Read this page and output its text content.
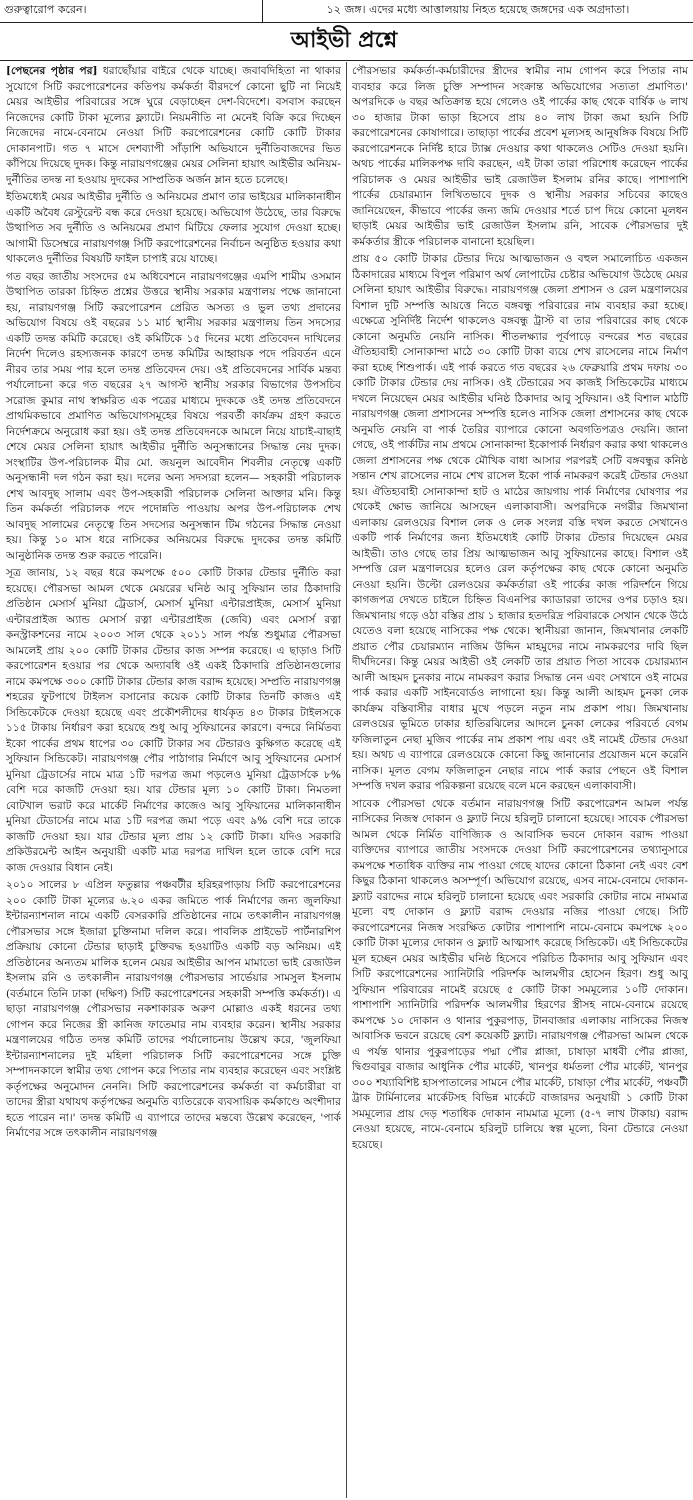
গুরুত্বারোপ করেন।	১২ জঙ্গ। এদের মধ্যে আত্তালয়ায় নিহত হয়েছে জঙ্গদের এক অগ্রদাতা।
আইভী প্রশ্নে

[পেছনের পৃষ্ঠার পর] ধরাছোঁয়ার বাইরে থেকে যাচ্ছে। জবাবদিহিতা না থাকার সুযোগে সিটি করপোরেশনের কতিপয় কর্মকর্তা বীরদর্পে কোনো ছুটি না নিয়েই মেয়র আইভীর পরিবারের সঙ্গে ঘুরে বেড়াচ্ছেন দেশ-বিদেশে। বসবাস করছেন নিজেদের কোটি টাকা মূল্যের ফ্ল্যাটে। নিয়মনীতি না মেনেই বিক্রি করে দিচ্ছেন নিজেদের নামে-বেনামে নেওয়া সিটি করপোরেশনের কোটি কোটি টাকার দোকানপাট। গত ৭ মাসে দেশব্যাপী সাঁড়াশি অভিযানে দুর্নীতিবাজদের ভিত কাঁপিয়ে দিয়েছে দুদক। কিন্তু নারায়ণগঞ্জের মেয়র সেলিনা হায়াৎ আইভীর অনিয়ম-দুর্নীতির তদন্ত না হওয়ায় দুদকের সাম্প্রতিক অর্জন ম্লান হতে চলেছে।

ইতিমধ্যেই মেয়র আইভীর দুর্নীতি ও অনিয়মের প্রমাণ তার ভাইয়ের মালিকানাধীন একটি অবৈধ রেস্টুরেন্ট বন্ধ করে দেওয়া হয়েছে। অভিযোগ উঠেছে, তার বিরুদ্ধে উত্থাপিত সব দুর্নীতি ও অনিয়মের প্রমাণ মিটিয়ে ফেলার সুযোগ দেওয়া হচ্ছে। আগামী ডিসেম্বরে নারায়ণগঞ্জ সিটি করপোরেশনের নির্বাচন অনুষ্ঠিত হওয়ার কথা থাকলেও দুর্নীতির বিষয়টি ফাইল চাপাই রয়ে যাচ্ছে।

গত বছর জাতীয় সংসদের ৫ম অধিবেশনে নারায়ণগঞ্জের এমপি শামীম ওসমান উত্থাপিত তারকা চিহ্নিত প্রশ্নের উত্তরে স্থানীয় সরকার মন্ত্রণালয় পক্ষে জানানো হয়, নারায়ণগঞ্জ সিটি করপোরেশন প্রেরিত অসত্য ও ভুল তথ্য প্রদানের অভিযোগ বিষয়ে ওই বছরের ১১ মার্চ স্থানীয় সরকার মন্ত্রণালয় তিন সদস্যের একটি তদন্ত কমিটি করেছে। ওই কমিটিকে ১৫ দিনের মধ্যে প্রতিবেদন দাখিলের নির্দেশ দিলেও রহস্যজনক কারণে তদন্ত কমিটির আহ্বায়ক পদে পরিবর্তন এনে নীরব তার সময় পার হলে তদন্ত প্রতিবেদন দেয়। ওই প্রতিবেদনের সার্বিক মন্তব্য পর্যালোচনা করে গত বছরের ২৭ আগস্ট স্থানীয় সরকার বিভাগের উপসচিব সরোজ কুমার নাথ স্বাক্ষরিত এক পত্রের মাধ্যমে দুদককে ওই তদন্ত প্রতিবেদনে প্রাথমিকভাবে প্রমাণিত অভিযোগসমূহের বিষয়ে পরবর্তী কার্যক্রম গ্রহণ করতে নির্দেশক্রমে অনুরোধ করা হয়। ওই তদন্ত প্রতিবেদনকে আমলে নিয়ে যাচাই-বাছাই শেষে মেয়র সেলিনা হায়াৎ আইভীর দুর্নীতি অনুসন্ধানের সিদ্ধান্ত নেয় দুদক। সংস্থাটির উপ-পরিচালক মীর মো. জয়নুল আবেদীন শিবলীর নেতৃত্বে একটি অনুসন্ধানী দল গঠন করা হয়। দলের অন্য সদস্যরা হলেন— সহকারী পরিচালক শেখ আবদুছ সালাম এবং উপ-সহকারী পরিচালক সেলিনা আক্তার মনি। কিন্তু তিন কর্মকর্তা পরিচালক পদে পদোন্নতি পাওয়ায় অপর উপ-পরিচালক শেখ আবদুছ সালামের নেতৃত্বে তিন সদস্যের অনুসন্ধান টিম গঠনের সিদ্ধান্ত নেওয়া হয়। কিন্তু ১০ মাস ধরে নাসিকের অনিয়মের বিরুদ্ধে দুদকের তদন্ত কমিটি আনুষ্ঠানিক তদন্ত শুরু করতে পারেনি।

সূত্র জানায়, ১২ বছর ধরে কমপক্ষে ৫০০ কোটি টাকার টেন্ডার দুর্নীতি করা হয়েছে। পৌরসভা আমল থেকে মেয়রের ঘনিষ্ঠ আবু সুফিয়ান তার ঠিকাদারি প্রতিষ্ঠান মেসার্স মুনিয়া ট্রেডার্স, মেসার্স মুনিয়া এন্টারপ্রাইজ, মেসার্স মুনিয়া এন্টারপ্রাইজ অ্যান্ড মেসার্স রত্না এন্টারপ্রাইজ (জেবি) এবং মেসার্স রত্না কনস্ট্রাকশনের নামে ২০০৩ সাল থেকে ২০১১ সাল পর্যন্ত শুধুমাত্র পৌরসভা আমলেই প্রায় ২০০ কোটি টাকার টেন্ডার কাজ সম্পন্ন করেছে। এ ছাড়াও সিটি করপোরেশন হওয়ার পর থেকে অদ্যাবধি ওই একই ঠিকাদারি প্রতিষ্ঠানগুলোর নামে কমপক্ষে ৩০০ কোটি টাকার টেন্ডার কাজ বরাদ্দ হয়েছে। সম্প্রতি নারায়ণগঞ্জ শহরের ফুটপাথে টাইলস বসানোর কয়েক কোটি টাকার তিনটি কাজও এই সিন্ডিকেটকে দেওয়া হয়েছে এবং প্রকৌশলীদের ধার্যকৃত ৪৩ টাকার টাইলসকে ১১৫ টাকায় নির্ধারণ করা হয়েছে শুধু আবু সুফিয়ানের কারণে। বন্দরে নির্মিতব্য ইকো পার্কের প্রথম ধাপের ৩০ কোটি টাকার সব টেন্ডারও কুক্ষিগত করেছে এই সুফিয়ান সিন্ডিকেট। নারায়ণগঞ্জ পৌর পাঠাগার নির্মাণে আবু সুফিয়ানের মেসার্স মুনিয়া ট্রেডার্সের নামে মাত্র ১টি দরপত্র জমা পড়লেও মুনিয়া ট্রেডার্সকে ৮% বেশি দরে কাজটি দেওয়া হয়। যার টেন্ডার মূল্য ১০ কোটি টাকা। নিমতলা বোটখাল ভরাট করে মার্কেট নির্মাণের কাজেও আবু সুফিয়ানের মালিকানাধীন মুনিয়া টেডার্সের নামে মাত্র ১টি দরপত্র জমা পড়ে এবং ৯% বেশি দরে তাকে কাজটি দেওয়া হয়। যার টেন্ডার মূল্য প্রায় ১২ কোটি টাকা। যদিও সরকারি প্রকিউরমেন্ট আইন অনুযায়ী একটি মাত্র দরপত্র দাখিল হলে তাকে বেশি দরে কাজ দেওয়ার বিধান নেই।

২০১০ সালের ৮ এপ্রিল ফতুল্লার পঞ্চবটীর হরিহরপাড়ায় সিটি করপোরেশনের ২০০ কোটি টাকা মূল্যের ৬.২০ একর জমিতে পার্ক নির্মাণের জন্য জুলফিয়া ইন্টারন্যাশনাল নামে একটি বেসরকারি প্রতিষ্ঠানের নামে তৎকালীন নারায়ণগঞ্জ পৌরসভার সঙ্গে ইজারা চুক্তিনামা দলিল করে। পাবলিক প্রাইভেট পার্টনারশিপ প্রক্রিয়ায় কোনো টেন্ডার ছাড়াই চুক্তিবদ্ধ হওয়াটিও একটি বড় অনিয়ম। এই প্রতিষ্ঠানের অন্যতম মালিক হলেন মেয়র আইভীর আপন মামাতো ভাই রেজাউল ইসলাম রনি ও তৎকালীন নারায়ণগঞ্জ পৌরসভার সার্ভেয়ার সামসুল ইসলাম (বর্তমানে তিনি ঢাকা (দক্ষিণ) সিটি করপোরেশনের সহকারী সম্পত্তি কর্মকর্তা)। এ ছাড়া নারায়ণগঞ্জ পৌরসভার নকশাকারক অরুণ মোল্লাও একই ধরনের তথ্য গোপন করে নিজের স্ত্রী কানিজ ফাতেমার নাম ব্যবহার করেন। স্থানীয় সরকার মন্ত্রণালয়ের গঠিত তদন্ত কমিটি তাদের পর্যালোচনায় উল্লেখ করে, 'জুলফিয়া ইন্টারন্যাশনালের দুই মহিলা পরিচালক সিটি করপোরেশনের সঙ্গে চুক্তি সম্পাদনকালে স্বামীর তথ্য গোপন করে পিতার নাম ব্যবহার করেছেন এবং সংশ্লিষ্ট কর্তৃপক্ষের অনুমোদন নেননি। সিটি করপোরেশনের কর্মকর্তা বা কর্মচারীরা বা তাদের স্ত্রীরা যথাযথ কর্তৃপক্ষের অনুমতি ব্যতিরেকে ব্যবসায়িক কর্মকাণ্ডে অংশীদার হতে পারেন না।' তদন্ত কমিটি এ ব্যাপারে তাদের মন্তব্যে উল্লেখ করেছেন, 'পার্ক নির্মাণের সঙ্গে তৎকালীন নারায়ণগঞ্জ

পৌরসভার কর্মকর্তা-কর্মচারীদের স্ত্রীদের স্বামীর নাম গোপন করে পিতার নাম ব্যবহার করে লিজ চুক্তি সম্পাদন সংক্রান্ত অভিযোগের সত্যতা প্রমাণিত।' অপরদিকে ৬ বছর অতিক্রান্ত হয়ে গেলেও ওই পার্কের কাছ থেকে বার্ষিক ৬ লাখ ৩০ হাজার টাকা ভাড়া হিসেবে প্রায় ৪০ লাখ টাকা জমা হয়নি সিটি করপোরেশনের কোষাগারে। তাছাড়া পার্কের প্রবেশ মূল্যসহ আনুষঙ্গিক বিষয়ে সিটি করপোরেশনকে নির্দিষ্ট হারে ট্যাক্স দেওয়ার কথা থাকলেও সেটিও দেওয়া হয়নি। অথচ পার্কের মালিকপক্ষ দাবি করছেন, এই টাকা তারা পরিশোধ করেছেন পার্কের পরিচালক ও মেয়র আইভীর ভাই রেজাউল ইসলাম রনির কাছে। পাশাপাশি পার্কের চেয়ারম্যান লিখিতভাবে দুদক ও স্থানীয় সরকার সচিবের কাছেও জানিয়েছেন, কীভাবে পার্কের জন্য জমি দেওয়ার শর্তে চাপ দিয়ে কোনো মূলধন ছাড়াই মেয়র আইভীর ভাই রেজাউল ইসলাম রনি, সাবেক পৌরসভার দুই কর্মকর্তার স্ত্রীকে পরিচালক বানানো হয়েছিল।

প্রায় ৫০ কোটি টাকার টেন্ডার দিয়ে আত্মভাজন ও বহুল সমালোচিত একজন ঠিকাদারের মাধ্যমে বিপুল পরিমাণ অর্থ লোপাটের চেষ্টার অভিযোগ উঠেছে মেয়র সেলিনা হায়াৎ আইভীর বিরুদ্ধে। নারায়ণগঞ্জ জেলা প্রশাসন ও রেল মন্ত্রণালয়ের বিশাল দুটি সম্পত্তি আয়ত্তে নিতে বঙ্গবন্ধু পরিবারের নাম ব্যবহার করা হচ্ছে। এক্ষেত্রে সুনির্দিষ্ট নির্দেশ থাকলেও বঙ্গবন্ধু ট্রাস্ট বা তার পরিবারের কাছ থেকে কোনো অনুমতি নেয়নি নাসিক। শীতলক্ষ্যার পূর্বপাড়ে বন্দরের শত বছরের ঐতিহ্যবাহী সোনাকান্দা মাঠে ৩০ কোটি টাকা ব্যয়ে শেখ রাসেলের নামে নির্মাণ করা হচ্ছে শিশুপার্ক। এই পার্ক করতে গত বছরের ২৬ ফেব্রুয়ারি প্রথম দফায় ৩০ কোটি টাকার টেন্ডার দেয় নাসিক। ওই টেন্ডারের সব কাজই সিন্ডিকেটের মাধ্যমে দখলে নিয়েছেন মেয়র আইভীর ঘনিষ্ঠ ঠিকাদার আবু সুফিয়ান। ওই বিশাল মাঠটি নারায়ণগঞ্জ জেলা প্রশাসনের সম্পত্তি হলেও নাসিক জেলা প্রশাসনের কাছ থেকে অনুমতি নেয়নি বা পার্ক তৈরির ব্যাপারে কোনো অবগতিপত্রও দেয়নি। জানা গেছে, ওই পার্কটির নাম প্রথমে সোনাকান্দা ইকোপার্ক নির্ধারণ করার কথা থাকলেও জেলা প্রশাসনের পক্ষ থেকে মৌখিক বাধা আসার পরপরই সেটি বঙ্গবন্ধুর কনিষ্ঠ সন্তান শেখ রাসেলের নামে শেখ রাসেল ইকো পার্ক নামকরণ করেই টেন্ডার দেওয়া হয়। ঐতিহ্যবাহী সোনাকান্দা হাট ও মাঠের জায়গায় পার্ক নির্মাণের ঘোষণার পর থেকেই ক্ষোভ জানিয়ে আসছেন এলাকাবাসী। অপরদিকে নগরীর জিমখানা এলাকায় রেলওয়ের বিশাল লেক ও লেক সংলগ্ন বস্তি দখল করতে সেখানেও একটি পার্ক নির্মাণের জন্য ইতিমধ্যেই কোটি টাকার টেন্ডার দিয়েছেন মেয়র আইভী। তাও গেছে তার প্রিয় আত্মভাজন আবু সুফিয়ানের কাছে। বিশাল ওই সম্পত্তি রেল মন্ত্রণালয়ের হলেও রেল কর্তৃপক্ষের কাছ থেকে কোনো অনুমতি নেওয়া হয়নি। উল্টো রেলওয়ের কর্মকর্তারা ওই পার্কের কাজ পরিদর্শনে গিয়ে কাগজপত্র দেখতে চাইলে চিহ্নিত বিএনপির ক্যাডাররা তাদের ওপর চড়াও হয়। জিমখানায় গড়ে ওঠা বস্তির প্রায় ১ হাজার হতদরিদ্র পরিবারকে সেখান থেকে উঠে যেতেও বলা হয়েছে নাসিকের পক্ষ থেকে। স্থানীয়রা জানান, জিমখানার লেকটি প্রয়াত পৌর চেয়ারম্যান নাজিম উদ্দিন মাহমুদের নামে নামকরণের দাবি ছিল দীর্ঘদিনের। কিন্তু মেয়র আইভী ওই লেকটি তার প্রয়াত পিতা সাবেক চেয়ারম্যান আলী আহমদ চুনকার নামে নামকরণ করার সিদ্ধান্ত নেন এবং সেখানে ওই নামের পার্ক করার একটি সাইনবোর্ডও লাগানো হয়। কিন্তু আলী আহমদ চুনকা লেক কার্যক্রম বস্তিবাসীর বাধার মুখে পড়লে নতুন নাম প্রকাশ পায়। জিমখানায় রেলওয়ের ভূমিতে ঢাকার হাতিরঝিলের আদলে চুনকা লেকের পরিবর্তে বেগম ফজিলাতুন নেছা মুজিব পার্কের নাম প্রকাশ পায় এবং ওই নামেই টেন্ডার দেওয়া হয়। অথচ এ ব্যাপারে রেলওয়েকে কোনো কিছু জানানোর প্রয়োজন মনে করেনি নাসিক। মূলত বেগম ফজিলাতুন নেছার নামে পার্ক করার পেছনে ওই বিশাল সম্পত্তি দখল করার পরিকল্পনা রয়েছে বলে মনে করছেন এলাকাবাসী।

সাবেক পৌরসভা থেকে বর্তমান নারায়ণগঞ্জ সিটি করপোরেশন আমল পর্যন্ত নাসিকের নিজস্ব দোকান ও ফ্ল্যাট নিয়ে হরিলুট চালানো হয়েছে। সাবেক পৌরসভা আমল থেকে নির্মিত বাণিজ্যিক ও আবাসিক ভবনে দোকান বরাদ্দ পাওয়া ব্যক্তিদের ব্যাপারে জাতীয় সংসদকে দেওয়া সিটি করপোরেশনের তথ্যানুসারে কমপক্ষে শতাধিক ব্যক্তির নাম পাওয়া গেছে যাদের কোনো ঠিকানা নেই এবং বেশ কিছুর ঠিকানা থাকলেও অসম্পূর্ণ। অভিযোগ রয়েছে, এসব নামে-বেনামে দোকান-ফ্ল্যাট বরাদ্দের নামে হরিলুট চালানো হয়েছে এবং সরকারি কোটার নামে নামমাত্র মূল্যে বহু দোকান ও ফ্ল্যাট বরাদ্দ দেওয়ার নজির পাওয়া গেছে। সিটি করপোরেশনের নিজস্ব সংরক্ষিত কোটার পাশাপাশি নামে-বেনামে কমপক্ষে ২০০ কোটি টাকা মূল্যের দোকান ও ফ্ল্যাট আত্মসাৎ করেছে সিন্ডিকেট। এই সিন্ডিকেটের মূল হচ্ছেন মেয়র আইভীর ঘনিষ্ঠ হিসেবে পরিচিত ঠিকাদার আবু সুফিয়ান এবং সিটি করপোরেশনের স্যানিটারি পরিদর্শক আলমগীর হোসেন হিরণ। শুধু আবু সুফিয়ান পরিবারের নামেই রয়েছে ৫ কোটি টাকা সমমূল্যের ১০টি দোকান। পাশাপাশি স্যানিটারি পরিদর্শক আলমগীর হিরণের স্ত্রীসহ নামে-বেনামে রয়েছে কমপক্ষে ১০ দোকান ও থানার পুকুরপাড়, টানবাজার এলাকায় নাসিকের নিজস্ব আবাসিক ভবনে রয়েছে বেশ কয়েকটি ফ্ল্যাট। নারায়ণগঞ্জ পৌরসভা আমল থেকে এ পর্যন্ত থানার পুকুরপাড়ের পদ্মা পৌর প্লাজা, চাষাড়া মাধবী পৌর প্লাজা, দ্বিগুবাবুর বাজার আধুনিক পৌর মার্কেট, খানপুর ধর্মতলা পৌর মার্কেট, খানপুর ৩০০ শয্যাবিশিষ্ট হাসপাতালের সামনে পৌর মার্কেট, চাষাড়া পৌর মার্কেট, পঞ্চবটী ট্রাক টার্মিনালের মার্কেটসহ বিভিন্ন মার্কেটে বাজারদর অনুযায়ী ১ কোটি টাকা সমমূল্যের প্রায় দেড় শতাধিক দোকান নামমাত্র মূল্যে (৫-৭ লাখ টাকায়) বরাদ্দ নেওয়া হয়েছে, নামে-বেনামে হরিলুট চালিয়ে স্বল্প মূল্যে, বিনা টেন্ডারে নেওয়া হয়েছে।
